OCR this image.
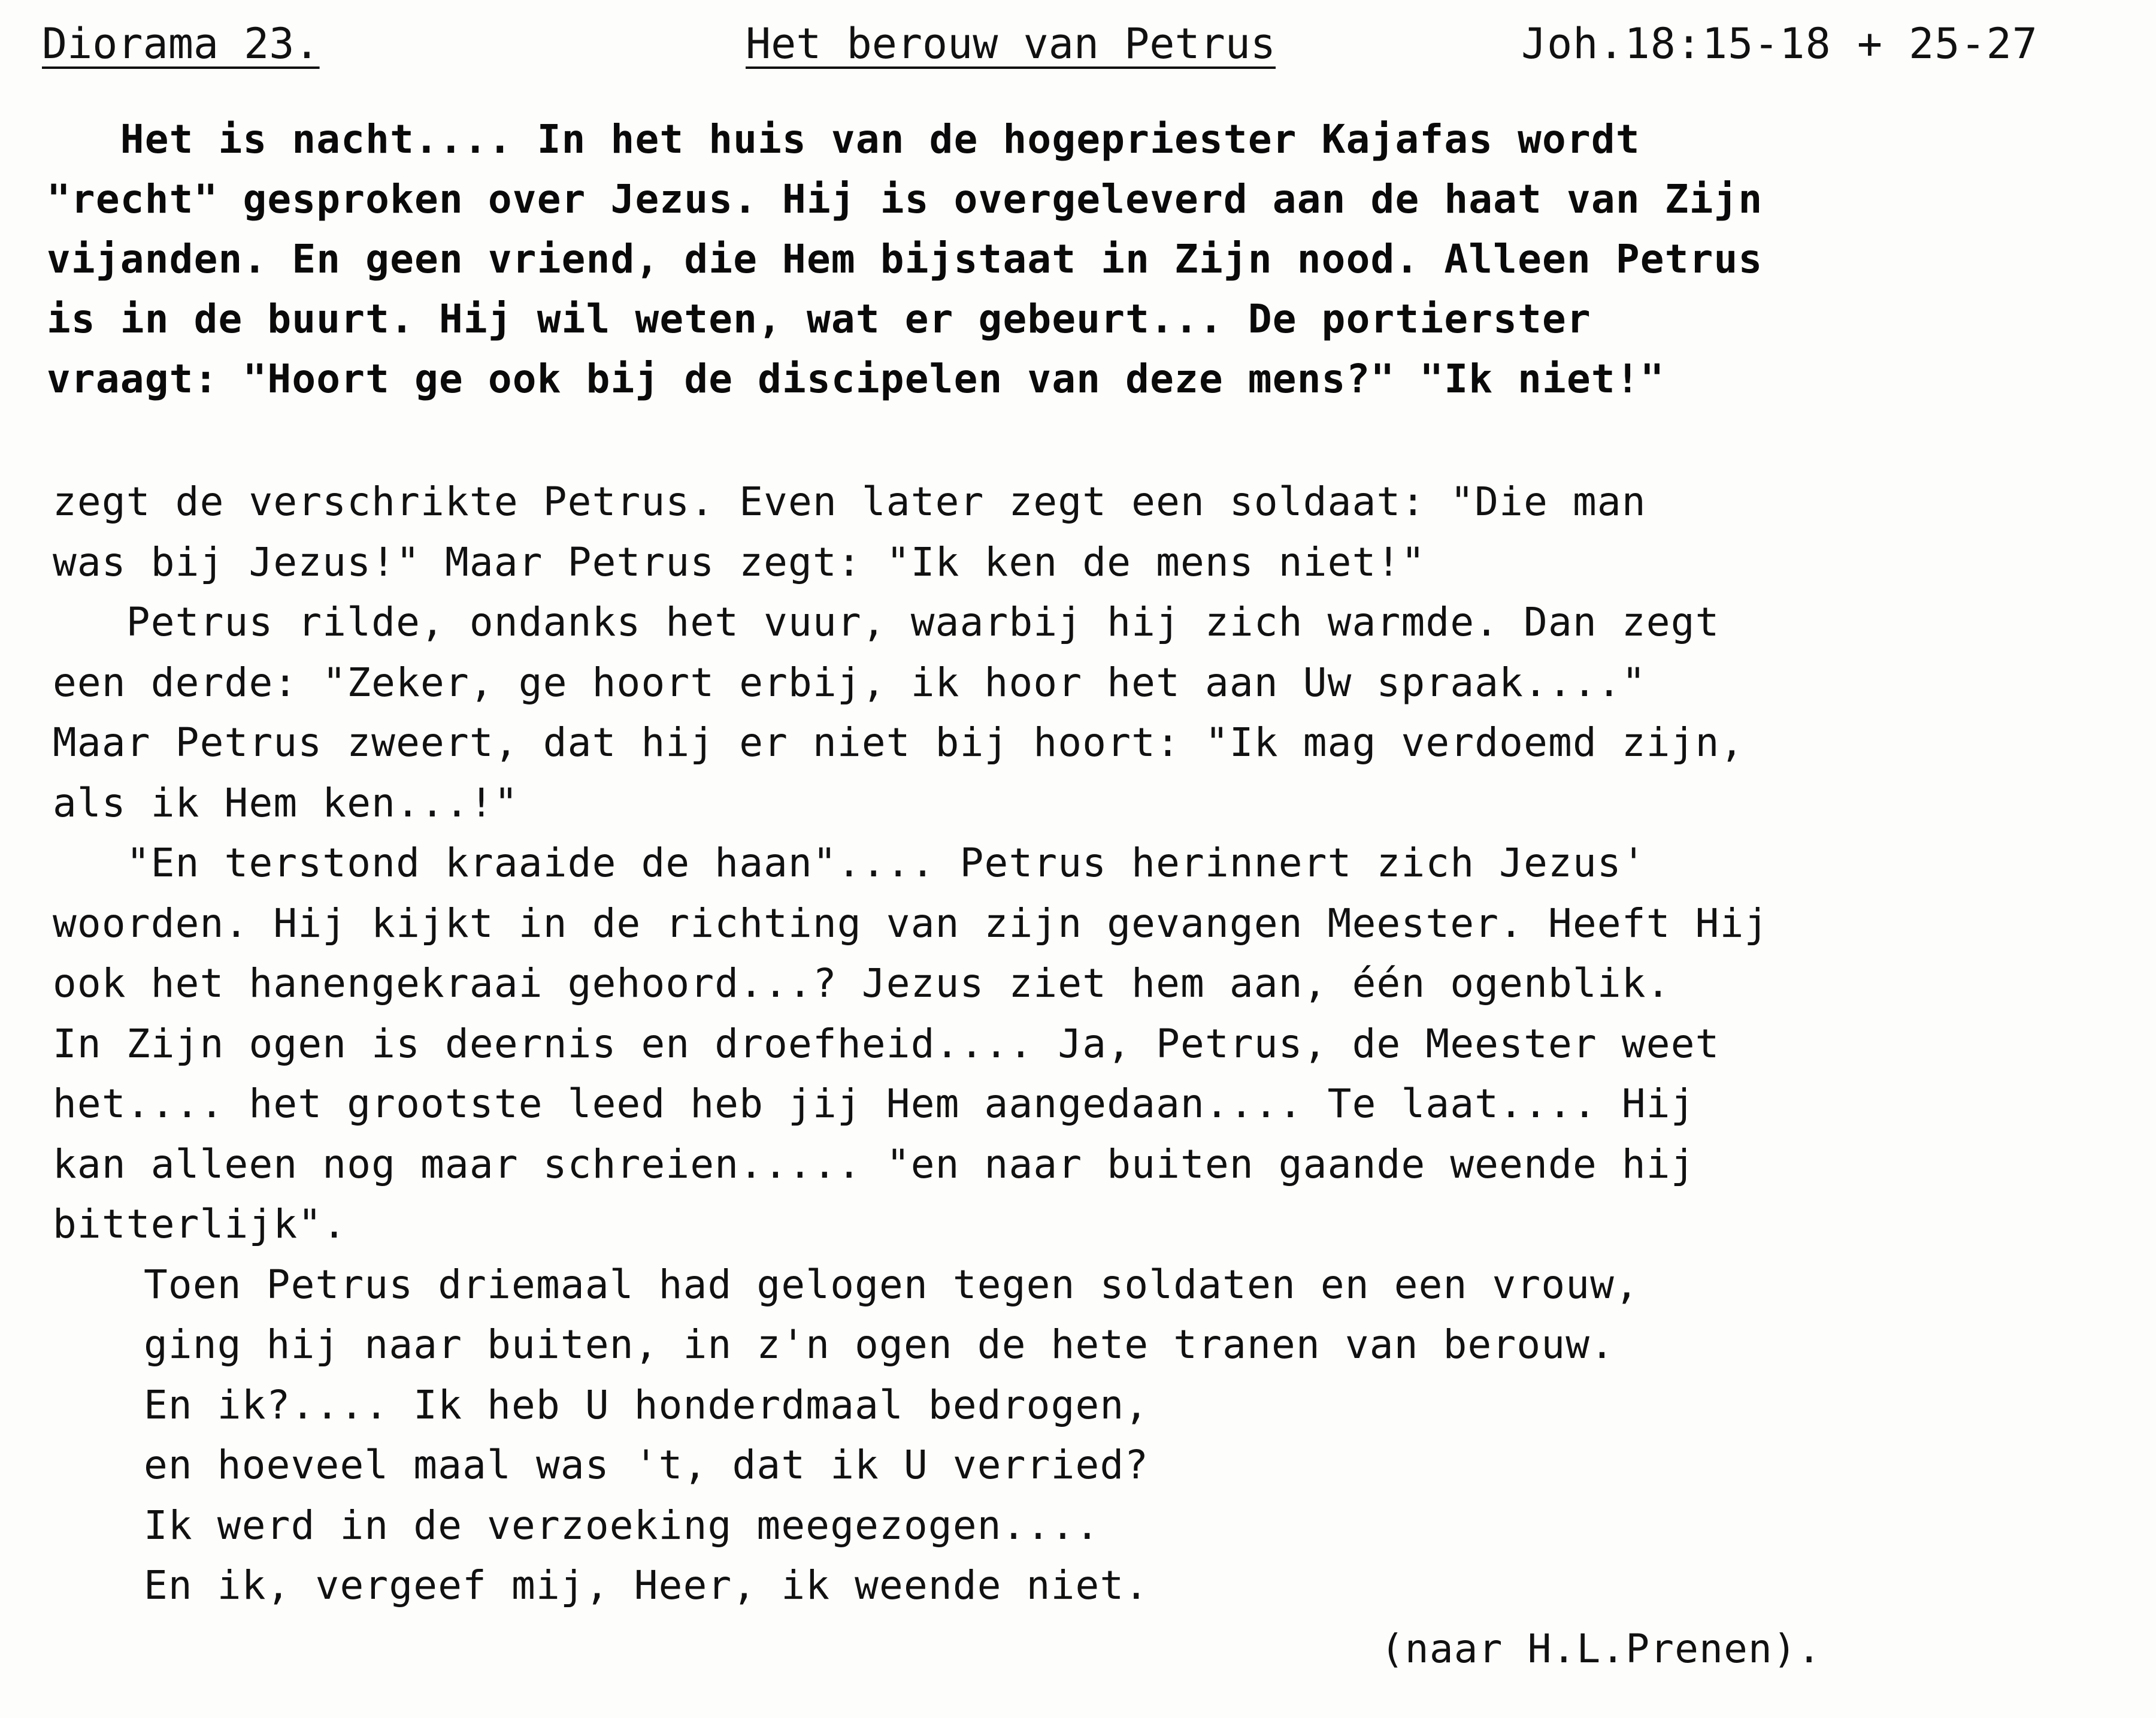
Diorama 23.	Het berouw van Petrus	Joh.18:15-18 + 25-27
Het is nacht.... In het huis van de hogepriester Kajafas wordt
"recht" gesproken over Jezus. Hij is overgeleverd aan de haat van Zijn
vijanden. En geen vriend, die Hem bijstaat in Zijn nood. Alleen Petrus
is in de buurt. Hij wil weten, wat er gebeurt... De portierster
vraagt: "Hoort ge ook bij de discipelen van deze mens?" "Ik niet!"
zegt de verschrikte Petrus. Even later zegt een soldaat: "Die man
was bij Jezus!" Maar Petrus zegt: "Ik ken de mens niet!"
Petrus rilde, ondanks het vuur, waarbij hij zich warmde. Dan zegt
een derde: "Zeker, ge hoort erbij, ik hoor het aan Uw spraak...."
Maar Petrus zweert, dat hij er niet bij hoort: "Ik mag verdoemd zijn,
als ik Hem ken...!"
"En terstond kraaide de haan".... Petrus herinnert zich Jezus'
woorden. Hij kijkt in de richting van zijn gevangen Meester. Heeft Hij
ook het hanengekraai gehoord...? Jezus ziet hem aan, één ogenblik.
In Zijn ogen is deernis en droefheid.... Ja, Petrus, de Meester weet
het.... het grootste leed heb jij Hem aangedaan.... Te laat.... Hij
kan alleen nog maar schreien..... "en naar buiten gaande weende hij
bitterlijk".
Toen Petrus driemaal had gelogen tegen soldaten en een vrouw,
ging hij naar buiten, in z'n ogen de hete tranen van berouw.
En ik?.... Ik heb U honderdmaal bedrogen,
en hoeveel maal was 't, dat ik U verried?
Ik werd in de verzoeking meegezogen....
En ik, vergeef mij, Heer, ik weende niet.
(naar H.L.Prenen).
